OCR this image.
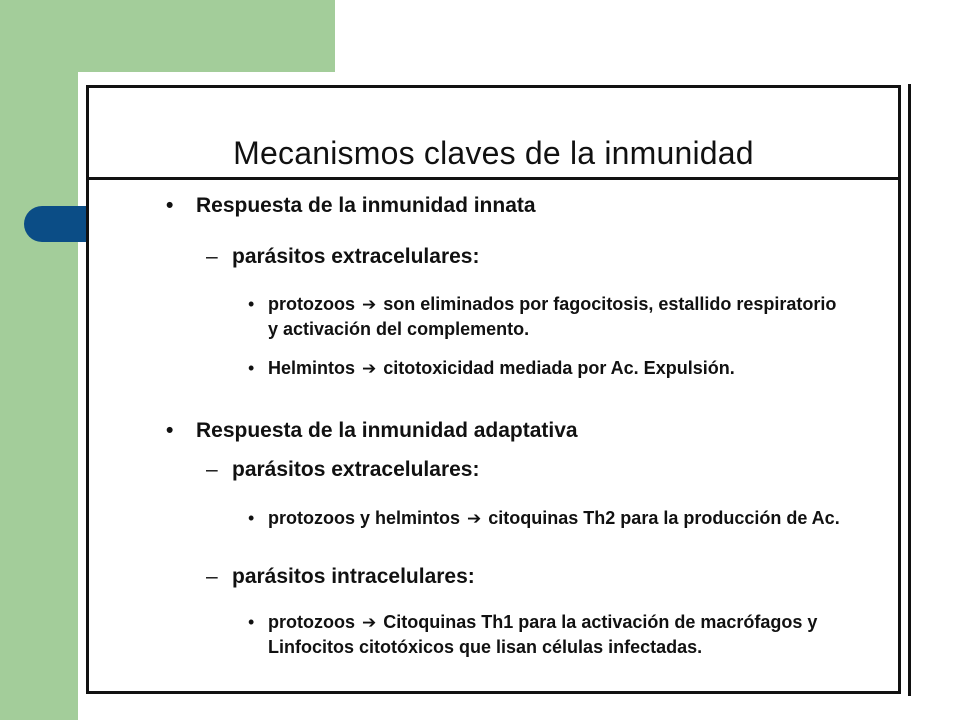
Mecanismos claves de la inmunidad
• Respuesta de la inmunidad innata
– parásitos extracelulares:
• protozoos ➔ son eliminados por fagocitosis, estallido respiratorio y activación del complemento.
• Helmintos ➔ citotoxicidad mediada por Ac. Expulsión.
• Respuesta de la inmunidad adaptativa
– parásitos extracelulares:
• protozoos y helmintos ➔ citoquinas Th2 para la producción de Ac.
– parásitos intracelulares:
• protozoos ➔ Citoquinas Th1 para la activación de macrófagos y Linfocitos citotóxicos que lisan células infectadas.
